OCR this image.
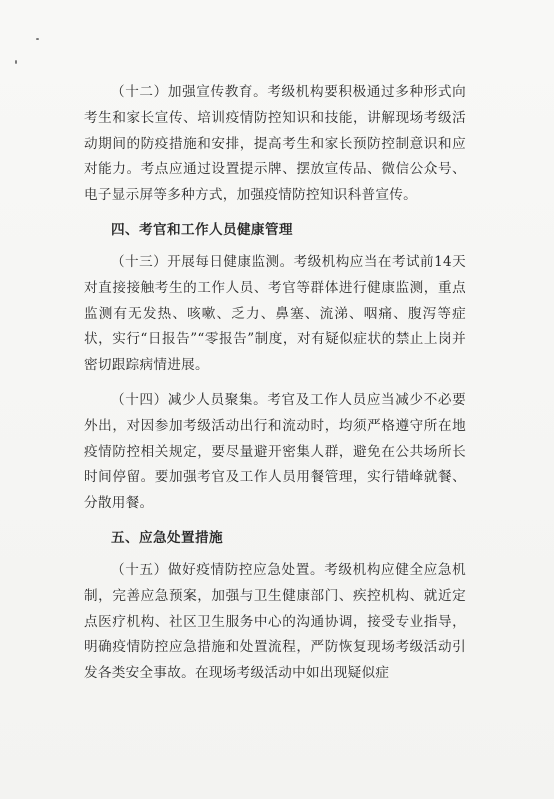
（十二）加强宣传教育。考级机构要积极通过多种形式向考生和家长宣传、培训疫情防控知识和技能，讲解现场考级活动期间的防疫措施和安排，提高考生和家长预防控制意识和应对能力。考点应通过设置提示牌、摆放宣传品、微信公众号、电子显示屏等多种方式，加强疫情防控知识科普宣传。

四、考官和工作人员健康管理

（十三）开展每日健康监测。考级机构应当在考试前14天对直接接触考生的工作人员、考官等群体进行健康监测，重点监测有无发热、咳嗽、乏力、鼻塞、流涕、咽痛、腹泻等症状，实行“日报告”“零报告”制度，对有疑似症状的禁止上岗并密切跟踪病情进展。

（十四）减少人员聚集。考官及工作人员应当减少不必要外出，对因参加考级活动出行和流动时，均须严格遵守所在地疫情防控相关规定，要尽量避开密集人群，避免在公共场所长时间停留。要加强考官及工作人员用餐管理，实行错峰就餐、分散用餐。

五、应急处置措施

（十五）做好疫情防控应急处置。考级机构应健全应急机制，完善应急预案，加强与卫生健康部门、疾控机构、就近定点医疗机构、社区卫生服务中心的沟通协调，接受专业指导，明确疫情防控应急措施和处置流程，严防恢复现场考级活动引发各类安全事故。在现场考级活动中如出现疑似症
